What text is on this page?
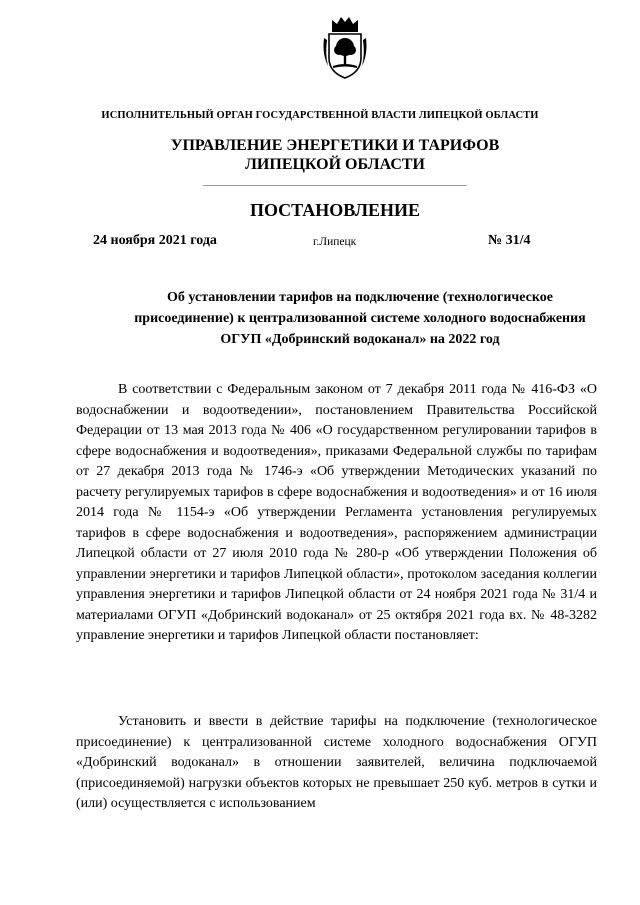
ИСПОЛНИТЕЛЬНЫЙ ОРГАН ГОСУДАРСТВЕННОЙ ВЛАСТИ ЛИПЕЦКОЙ ОБЛАСТИ
УПРАВЛЕНИЕ ЭНЕРГЕТИКИ И ТАРИФОВ
ЛИПЕЦКОЙ ОБЛАСТИ
ПОСТАНОВЛЕНИЕ
24 ноября 2021 года	г.Липецк	№ 31/4
Об установлении тарифов на подключение (технологическое
присоединение) к централизованной системе холодного водоснабжения
ОГУП «Добринский водоканал» на 2022 год

В соответствии с Федеральным законом от 7 декабря 2011 года № 416-ФЗ «О водоснабжении и водоотведении», постановлением Правительства Российской Федерации от 13 мая 2013 года № 406 «О государственном регулировании тарифов в сфере водоснабжения и водоотведения», приказами Федеральной службы по тарифам от 27 декабря 2013 года № 1746-э «Об утверждении Методических указаний по расчету регулируемых тарифов в сфере водоснабжения и водоотведения» и от 16 июля 2014 года № 1154-э «Об утверждении Регламента установления регулируемых тарифов в сфере водоснабжения и водоотведения», распоряжением администрации Липецкой области от 27 июля 2010 года № 280-р «Об утверждении Положения об управлении энергетики и тарифов Липецкой области», протоколом заседания коллегии управления энергетики и тарифов Липецкой области от 24 ноября 2021 года № 31/4 и материалами ОГУП «Добринский водоканал» от 25 октября 2021 года вх. № 48-3282 управление энергетики и тарифов Липецкой области постановляет:

Установить и ввести в действие тарифы на подключение (технологическое присоединение) к централизованной системе холодного водоснабжения ОГУП «Добринский водоканал» в отношении заявителей, величина подключаемой (присоединяемой) нагрузки объектов которых не превышает 250 куб. метров в сутки и (или) осуществляется с использованием
